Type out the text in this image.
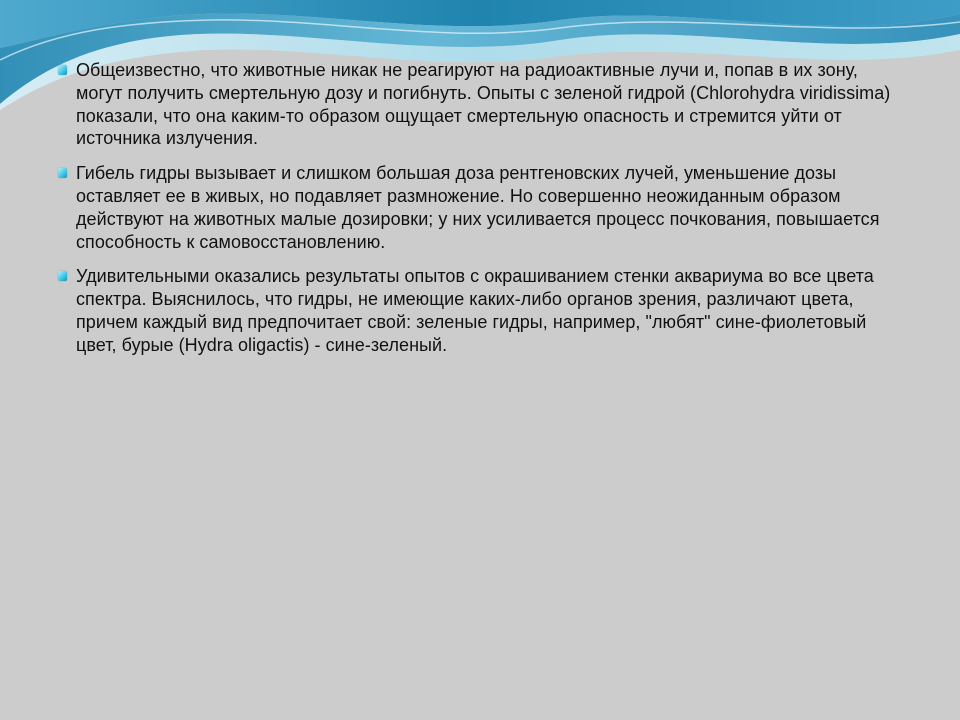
Общеизвестно, что животные никак не реагируют на радиоактивные лучи и, попав в их зону, могут получить смертельную дозу и погибнуть. Опыты с зеленой гидрой (Chlorohydra viridissima) показали, что она каким-то образом ощущает смертельную опасность и стремится уйти от источника излучения.

Гибель гидры вызывает и слишком большая доза рентгеновских лучей, уменьшение дозы оставляет ее в живых, но подавляет размножение. Но совершенно неожиданным образом действуют на животных малые дозировки; у них усиливается процесс почкования, повышается способность к самовосстановлению.

Удивительными оказались результаты опытов с окрашиванием стенки аквариума во все цвета спектра. Выяснилось, что гидры, не имеющие каких-либо органов зрения, различают цвета, причем каждый вид предпочитает свой: зеленые гидры, например, "любят" сине-фиолетовый цвет, бурые (Hydra oligactis) - сине-зеленый.
